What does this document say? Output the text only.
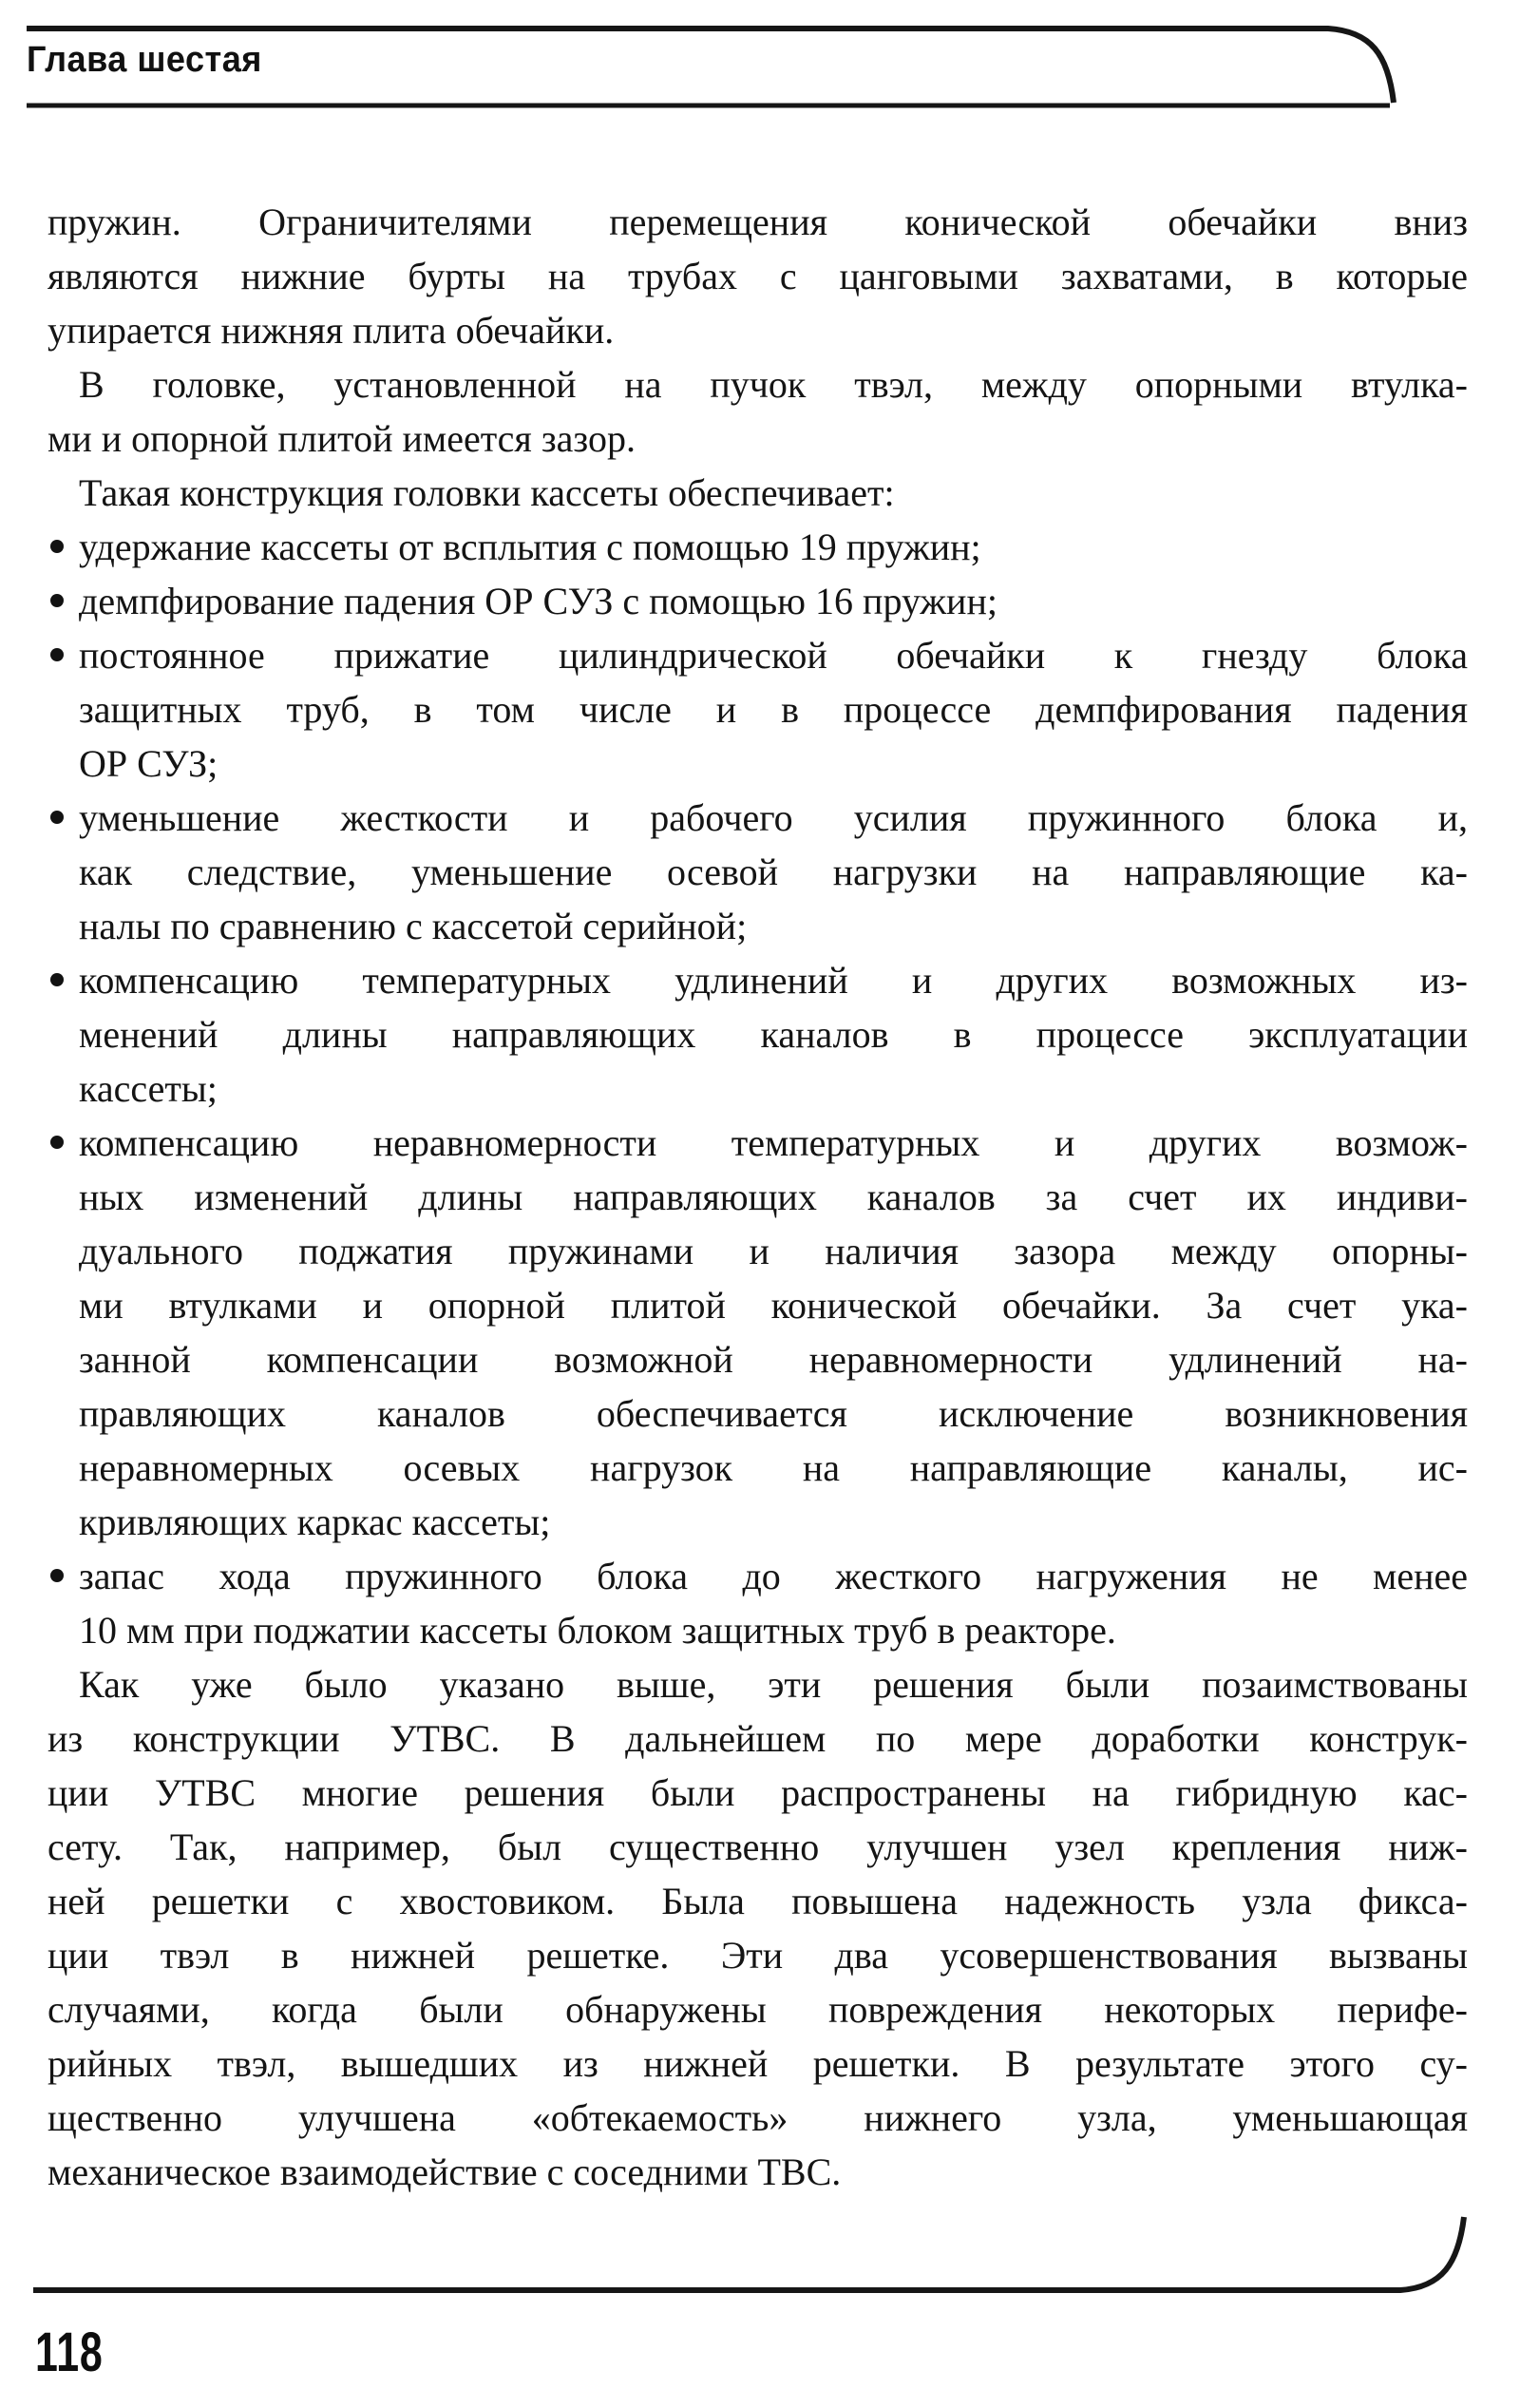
Глава шестая
пружин. Ограничителями перемещения конической обечайки вниз
являются нижние бурты на трубах с цанговыми захватами, в которые
упирается нижняя плита обечайки.
В головке, установленной на пучок твэл, между опорными втулка-
ми и опорной плитой имеется зазор.
Такая конструкция головки кассеты обеспечивает:
удержание кассеты от всплытия с помощью 19 пружин;
демпфирование падения ОР СУЗ с помощью 16 пружин;
постоянное прижатие цилиндрической обечайки к гнезду блока
защитных труб, в том числе и в процессе демпфирования падения
ОР СУЗ;
уменьшение жесткости и рабочего усилия пружинного блока и,
как следствие, уменьшение осевой нагрузки на направляющие ка-
налы по сравнению с кассетой серийной;
компенсацию температурных удлинений и других возможных из-
менений длины направляющих каналов в процессе эксплуатации
кассеты;
компенсацию неравномерности температурных и других возмож-
ных изменений длины направляющих каналов за счет их индиви-
дуального поджатия пружинами и наличия зазора между опорны-
ми втулками и опорной плитой конической обечайки. За счет ука-
занной компенсации возможной неравномерности удлинений на-
правляющих каналов обеспечивается исключение возникновения
неравномерных осевых нагрузок на направляющие каналы, ис-
кривляющих каркас кассеты;
запас хода пружинного блока до жесткого нагружения не менее
10 мм при поджатии кассеты блоком защитных труб в реакторе.
Как уже было указано выше, эти решения были позаимствованы
из конструкции УТВС. В дальнейшем по мере доработки конструк-
ции УТВС многие решения были распространены на гибридную кас-
сету. Так, например, был существенно улучшен узел крепления ниж-
ней решетки с хвостовиком. Была повышена надежность узла фикса-
ции твэл в нижней решетке. Эти два усовершенствования вызваны
случаями, когда были обнаружены повреждения некоторых перифе-
рийных твэл, вышедших из нижней решетки. В результате этого су-
щественно улучшена «обтекаемость» нижнего узла, уменьшающая
механическое взаимодействие с соседними ТВС.
118
